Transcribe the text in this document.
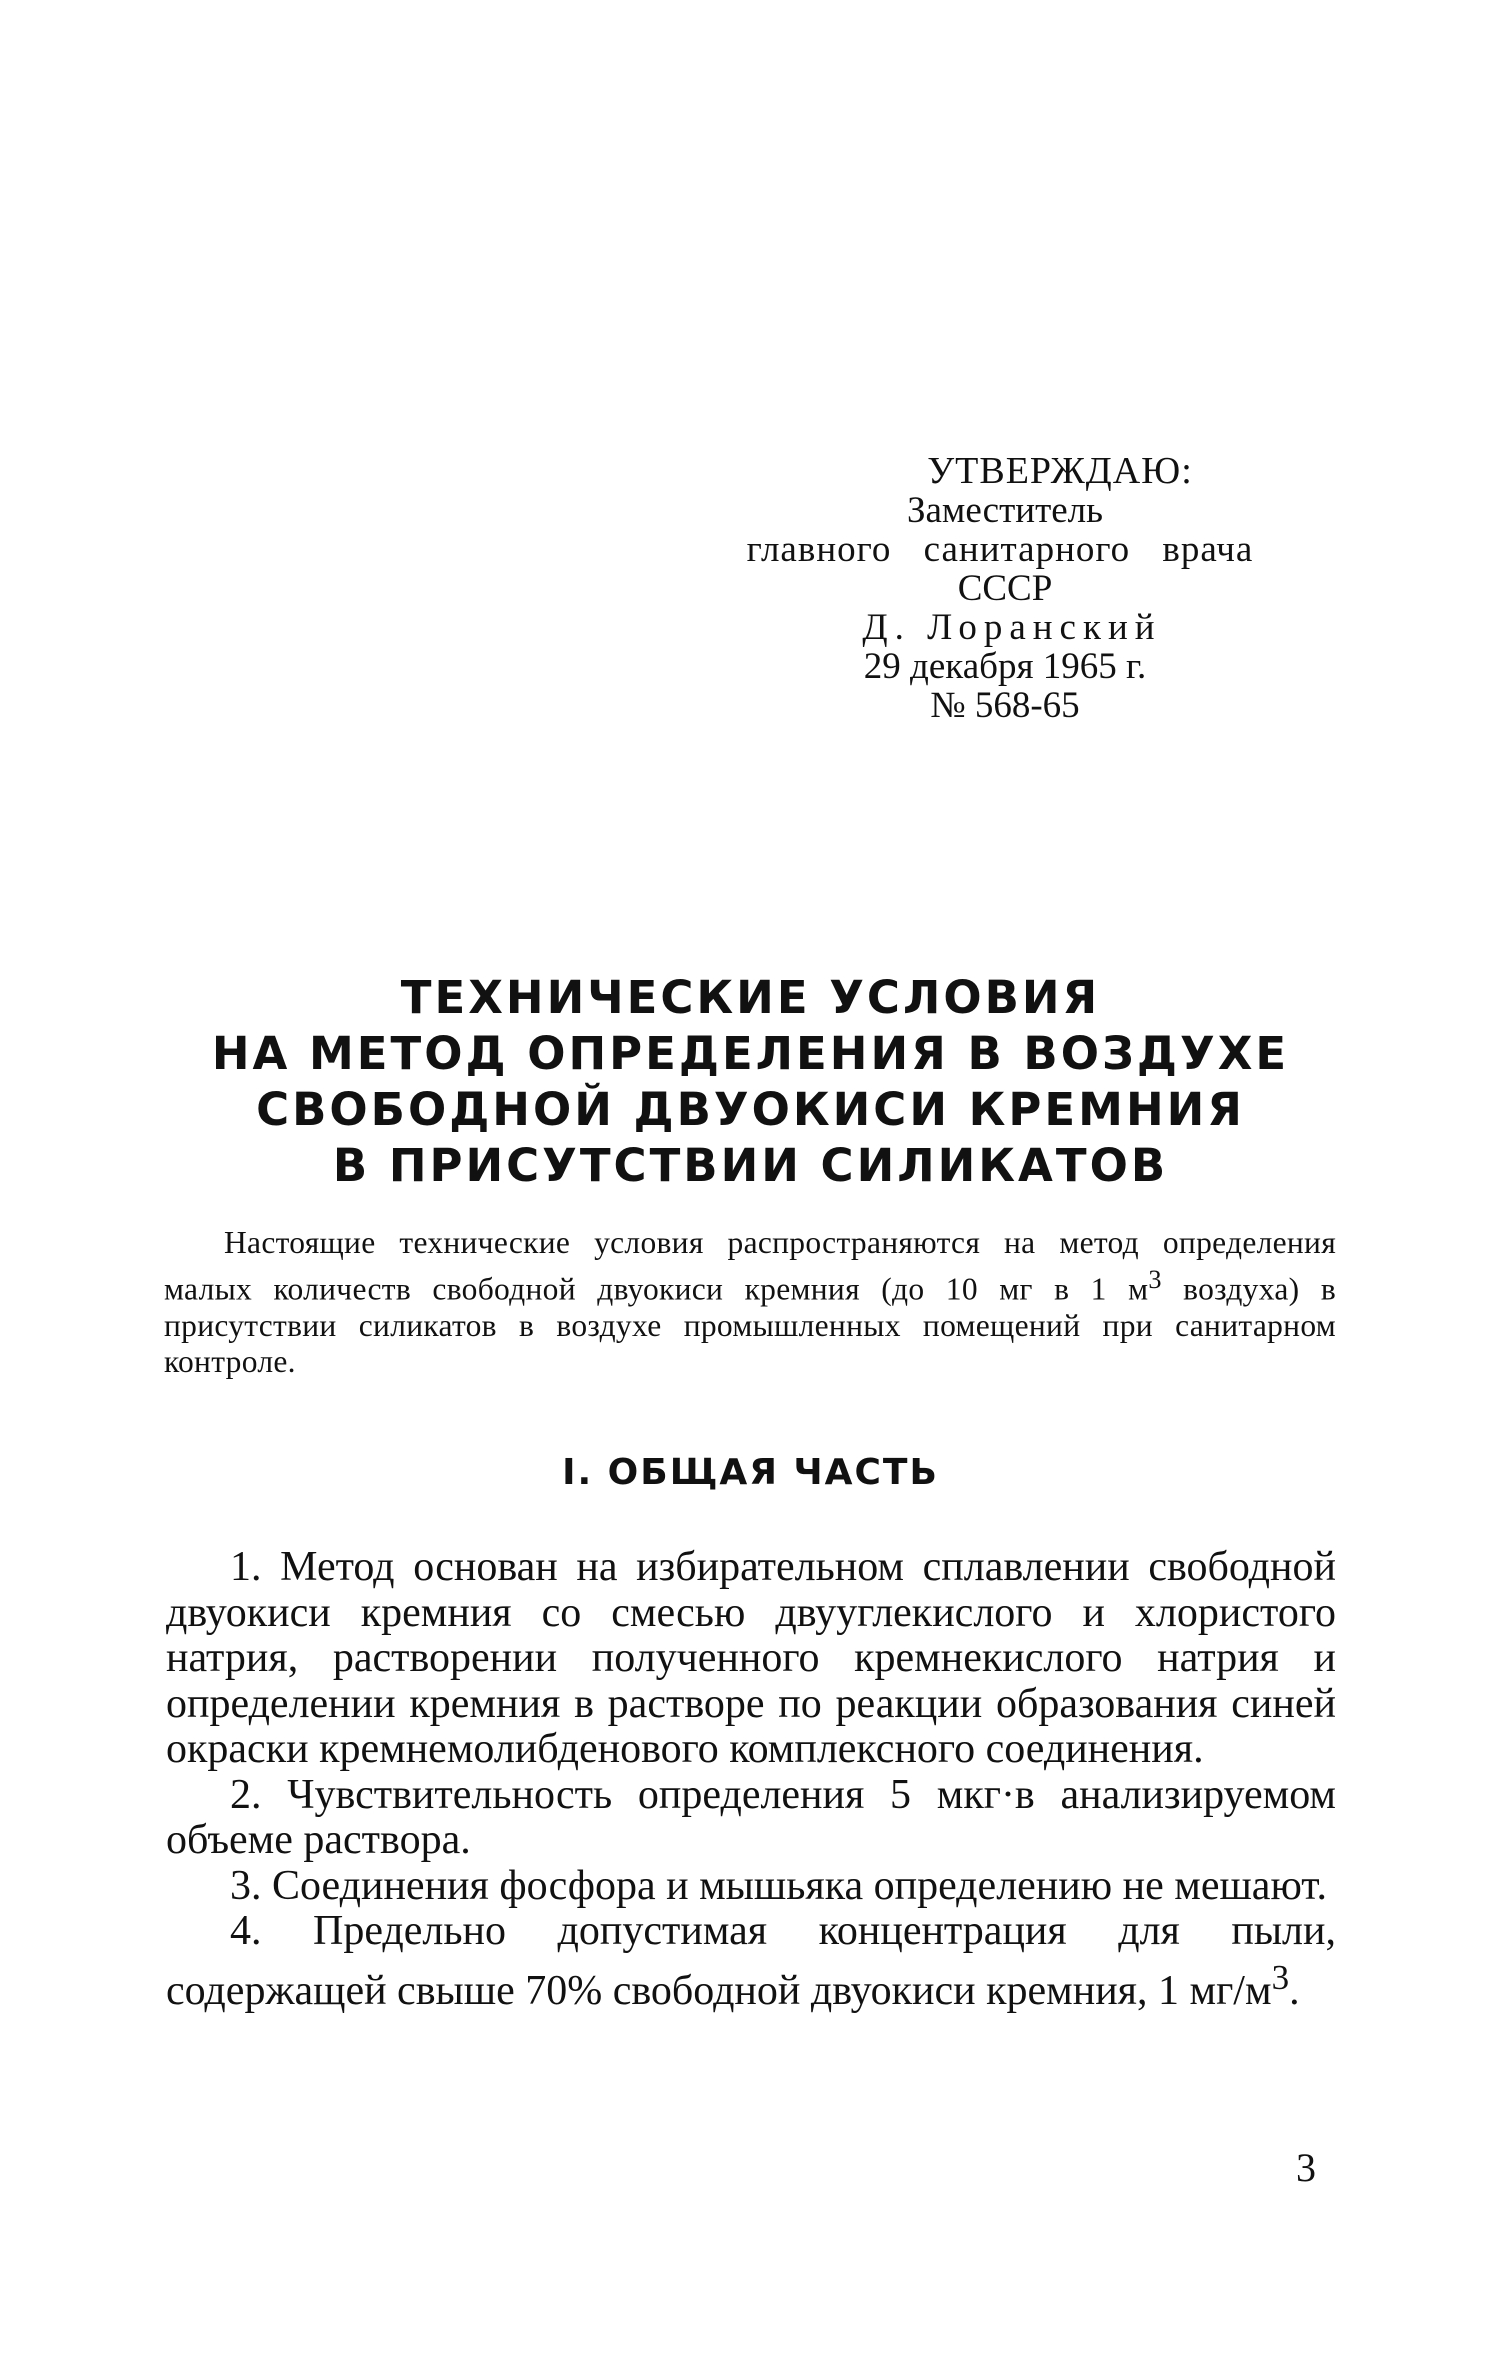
УТВЕРЖДАЮ:
Заместитель
главного санитарного врача
СССР
Д. Лоранский
29 декабря 1965 г.
№ 568-65
ТЕХНИЧЕСКИЕ УСЛОВИЯ
НА МЕТОД ОПРЕДЕЛЕНИЯ В ВОЗДУХЕ
СВОБОДНОЙ ДВУОКИСИ КРЕМНИЯ
В ПРИСУТСТВИИ СИЛИКАТОВ
Настоящие технические условия распространяются на метод определения малых количеств свободной двуокиси кремния (до 10 мг в 1 $м^3$ воздуха) в присутствии силикатов в воздухе промышленных помещений при санитарном контроле.
I. ОБЩАЯ ЧАСТЬ

1. Метод основан на избирательном сплавлении свободной двуокиси кремния со смесью двууглекислого и хлористого натрия, растворении полученного кремнекислого натрия и определении кремния в растворе по реакции образования синей окраски кремнемолибденового комплексного соединения.

2. Чувствительность определения 5 мкг·в анализируемом объеме раствора.

3. Соединения фосфора и мышьяка определению не мешают.

4. Предельно допустимая концентрация для пыли, содержащей свыше 70% свободной двуокиси кремния, 1 $мг/м^3$.

3
